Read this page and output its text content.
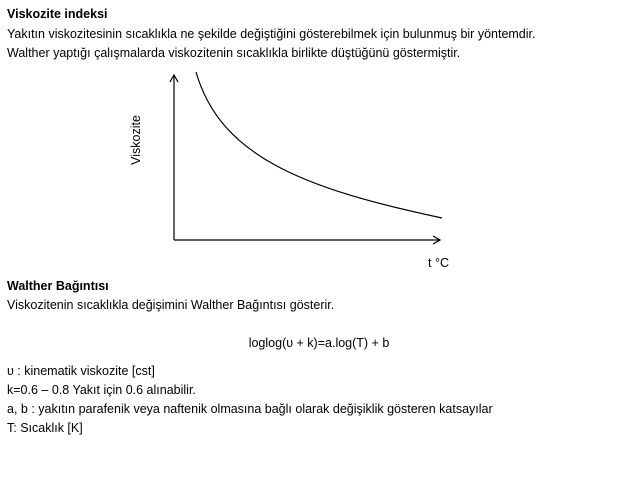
Viskozite indeksi
Yakıtın viskozitesinin sıcaklıkla ne şekilde değiştiğini gösterebilmek için bulunmuş bir yöntemdir.
Walther yaptığı çalışmalarda viskozitenin sıcaklıkla birlikte düştüğünü göstermiştir.
Viskozite
t °C
Walther Bağıntısı
Viskozitenin sıcaklıkla değişimini Walther Bağıntısı gösterir.
loglog(υ + k)=a.log(T) + b
υ : kinematik viskozite [cst]
k=0.6 – 0.8 Yakıt için 0.6 alınabilir.
a, b : yakıtın parafenik veya naftenik olmasına bağlı olarak değişiklik gösteren katsayılar
T: Sıcaklık [K]
